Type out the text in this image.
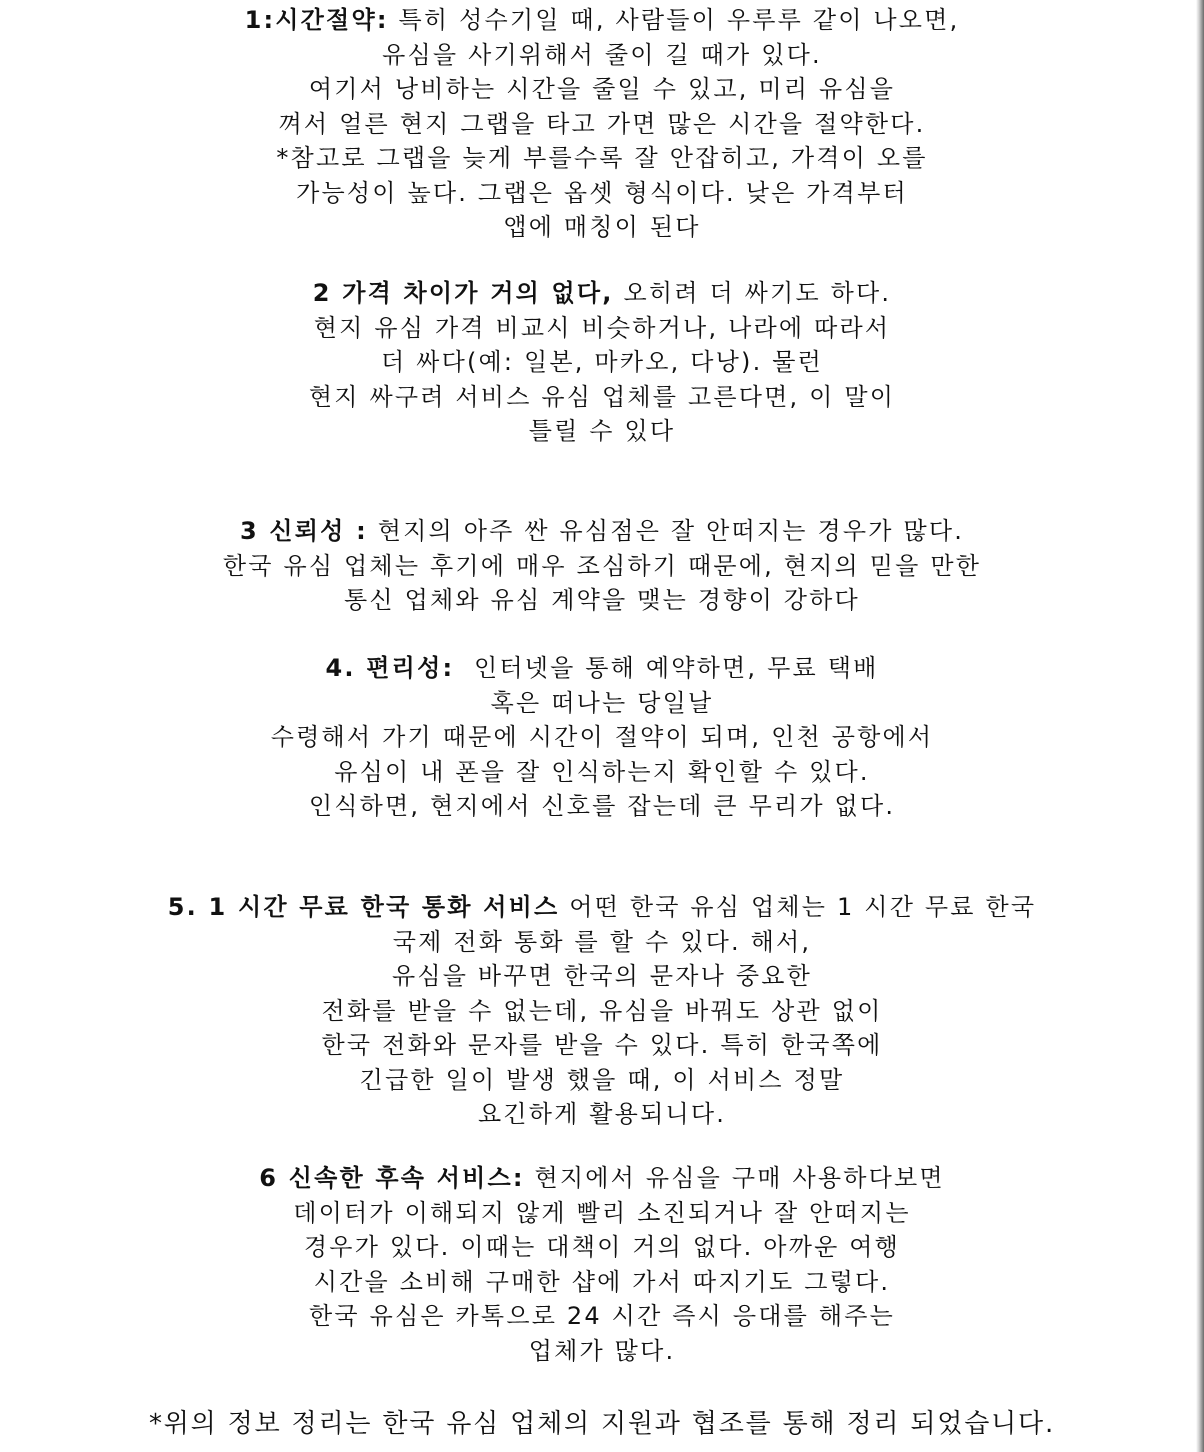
1:시간절약: 특히 성수기일 때, 사람들이 우루루 같이 나오면,
유심을 사기위해서 줄이 길 때가 있다.
여기서 낭비하는 시간을 줄일 수 있고, 미리 유심을
껴서 얼른 현지 그랩을 타고 가면 많은 시간을 절약한다.
*참고로 그랩을 늦게 부를수록 잘 안잡히고, 가격이 오를
가능성이 높다. 그랩은 옵셋 형식이다. 낮은 가격부터
앱에 매칭이 된다
2 가격 차이가 거의 없다, 오히려 더 싸기도 하다.
현지 유심 가격 비교시 비슷하거나, 나라에 따라서
더 싸다(예: 일본, 마카오, 다낭). 물런
현지 싸구려 서비스 유심 업체를 고른다면, 이 말이
틀릴 수 있다
3 신뢰성 : 현지의 아주 싼 유심점은 잘 안떠지는 경우가 많다.
한국 유심 업체는 후기에 매우 조심하기 때문에, 현지의 믿을 만한
통신 업체와 유심 계약을 맺는 경향이 강하다
4. 편리성: 인터넷을 통해 예약하면, 무료 택배
혹은 떠나는 당일날
수령해서 가기 때문에 시간이 절약이 되며, 인천 공항에서
유심이 내 폰을 잘 인식하는지 확인할 수 있다.
인식하면, 현지에서 신호를 잡는데 큰 무리가 없다.
5. 1 시간 무료 한국 통화 서비스 어떤 한국 유심 업체는 1 시간 무료 한국
국제 전화 통화 를 할 수 있다. 해서,
유심을 바꾸면 한국의 문자나 중요한
전화를 받을 수 없는데, 유심을 바꿔도 상관 없이
한국 전화와 문자를 받을 수 있다. 특히 한국쪽에
긴급한 일이 발생 했을 때, 이 서비스 정말
요긴하게 활용되니다.
6 신속한 후속 서비스: 현지에서 유심을 구매 사용하다보면
데이터가 이해되지 않게 빨리 소진되거나 잘 안떠지는
경우가 있다. 이때는 대책이 거의 없다. 아까운 여행
시간을 소비해 구매한 샵에 가서 따지기도 그렇다.
한국 유심은 카톡으로 24 시간 즉시 응대를 해주는
업체가 많다.
*위의 정보 정리는 한국 유심 업체의 지원과 협조를 통해 정리 되었습니다.
